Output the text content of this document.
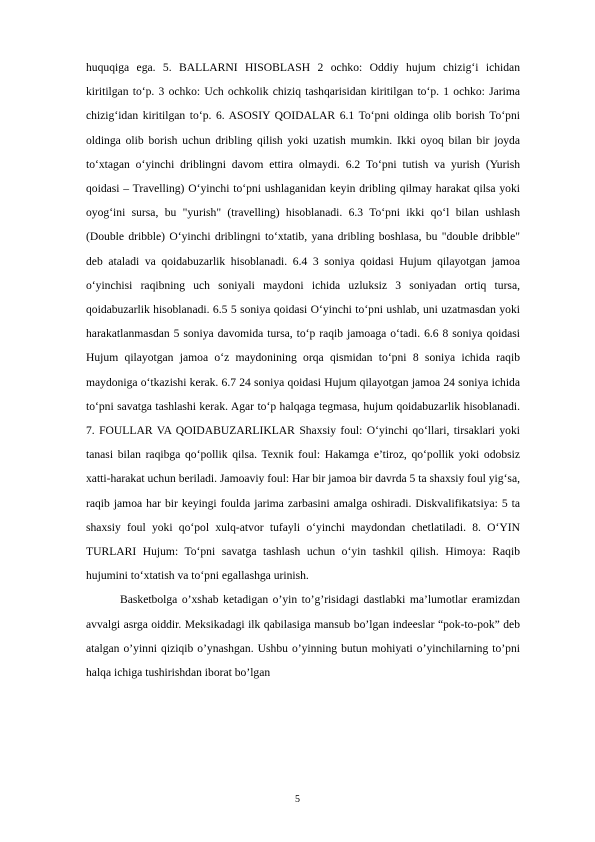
huquqiga ega. 5. BALLARNI HISOBLASH 2 ochko: Oddiy hujum chizig‘i ichidan kiritilgan to‘p. 3 ochko: Uch ochkolik chiziq tashqarisidan kiritilgan to‘p. 1 ochko: Jarima chizig‘idan kiritilgan to‘p. 6. ASOSIY QOIDALAR 6.1 To‘pni oldinga olib borish To‘pni oldinga olib borish uchun dribling qilish yoki uzatish mumkin. Ikki oyoq bilan bir joyda to‘xtagan o‘yinchi driblingni davom ettira olmaydi. 6.2 To‘pni tutish va yurish (Yurish qoidasi – Travelling) O‘yinchi to‘pni ushlaganidan keyin dribling qilmay harakat qilsa yoki oyog‘ini sursa, bu "yurish" (travelling) hisoblanadi. 6.3 To‘pni ikki qo‘l bilan ushlash (Double dribble) O‘yinchi driblingni to‘xtatib, yana dribling boshlasa, bu "double dribble" deb ataladi va qoidabuzarlik hisoblanadi. 6.4 3 soniya qoidasi Hujum qilayotgan jamoa o‘yinchisi raqibning uch soniyali maydoni ichida uzluksiz 3 soniyadan ortiq tursa, qoidabuzarlik hisoblanadi. 6.5 5 soniya qoidasi O‘yinchi to‘pni ushlab, uni uzatmasdan yoki harakatlanmasdan 5 soniya davomida tursa, to‘p raqib jamoaga o‘tadi. 6.6 8 soniya qoidasi Hujum qilayotgan jamoa o‘z maydonining orqa qismidan to‘pni 8 soniya ichida raqib maydoniga o‘tkazishi kerak. 6.7 24 soniya qoidasi Hujum qilayotgan jamoa 24 soniya ichida to‘pni savatga tashlashi kerak. Agar to‘p halqaga tegmasa, hujum qoidabuzarlik hisoblanadi. 7. FOULLAR VA QOIDABUZARLIKLAR Shaxsiy foul: O‘yinchi qo‘llari, tirsaklari yoki tanasi bilan raqibga qo‘pollik qilsa. Texnik foul: Hakamga e’tiroz, qo‘pollik yoki odobsiz xatti-harakat uchun beriladi. Jamoaviy foul: Har bir jamoa bir davrda 5 ta shaxsiy foul yig‘sa, raqib jamoa har bir keyingi foulda jarima zarbasini amalga oshiradi. Diskvalifikatsiya: 5 ta shaxsiy foul yoki qo‘pol xulq-atvor tufayli o‘yinchi maydondan chetlatiladi. 8. O‘YIN TURLARI Hujum: To‘pni savatga tashlash uchun o‘yin tashkil qilish. Himoya: Raqib hujumini to‘xtatish va to‘pni egallashga urinish.

Basketbolga o’xshab ketadigan o’yin to’g’risidagi dastlabki ma’lumotlar eramizdan avvalgi asrga oiddir. Meksikadagi ilk qabilasiga mansub bo’lgan indeeslar “pok-to-pok” deb atalgan o’yinni qiziqib o’ynashgan. Ushbu o’yinning butun mohiyati o’yinchilarning to’pni halqa ichiga tushirishdan iborat bo’lgan

5
